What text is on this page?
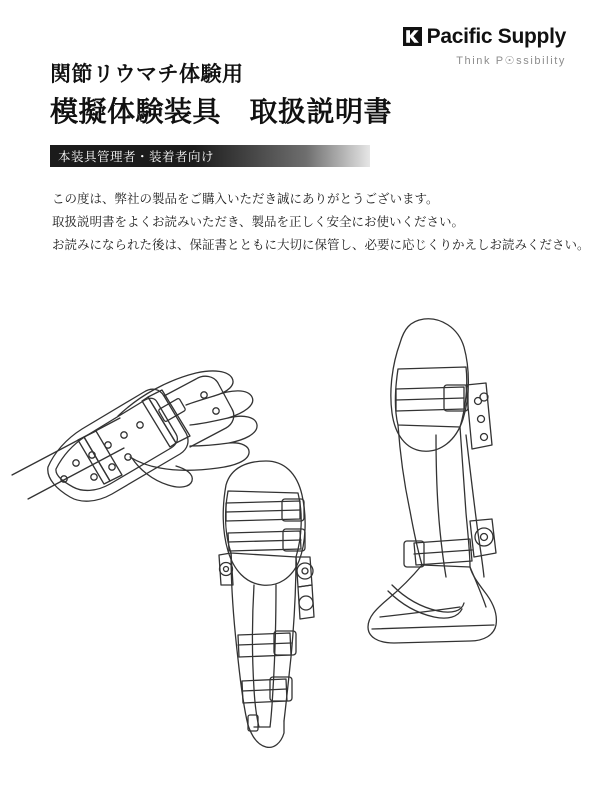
Pacific Supply
Think P☉ssibility
関節リウマチ体験用
模擬体験装具　取扱説明書
本装具管理者・装着者向け
この度は、弊社の製品をご購入いただき誠にありがとうございます。
取扱説明書をよくお読みいただき、製品を正しく安全にお使いください。
お読みになられた後は、保証書とともに大切に保管し、必要に応じくりかえしお読みください。
